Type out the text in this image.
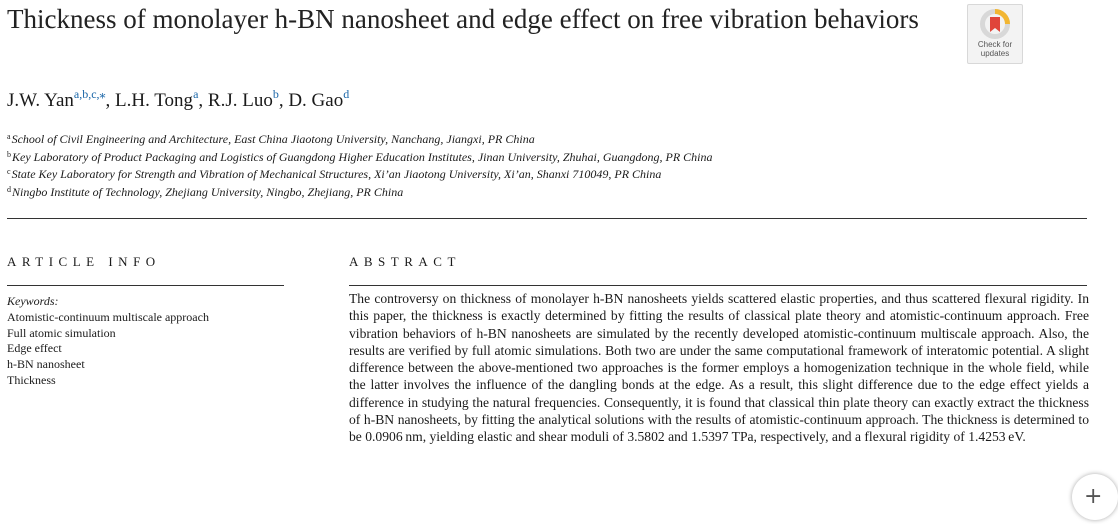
Thickness of monolayer h-BN nanosheet and edge effect on free vibration behaviors
Check for
updates
J.W. Yan$^{a,b,c,⁎}$, L.H. Tong$^a$, R.J. Luo$^b$, D. Gao$^d$
$^a$School of Civil Engineering and Architecture, East China Jiaotong University, Nanchang, Jiangxi, PR China
$^b$Key Laboratory of Product Packaging and Logistics of Guangdong Higher Education Institutes, Jinan University, Zhuhai, Guangdong, PR China
$^c$State Key Laboratory for Strength and Vibration of Mechanical Structures, Xi’an Jiaotong University, Xi’an, Shanxi 710049, PR China
$^d$Ningbo Institute of Technology, Zhejiang University, Ningbo, Zhejiang, PR China
ARTICLE INFO	ABSTRACT
Keywords:
Atomistic-continuum multiscale approach
Full atomic simulation
Edge effect
h-BN nanosheet
Thickness

The controversy on thickness of monolayer h-BN nanosheets yields scattered elastic properties, and thus scattered flexural rigidity. In this paper, the thickness is exactly determined by fitting the results of classical plate theory and atomistic-continuum approach. Free vibration behaviors of h-BN nanosheets are simulated by the recently developed atomistic-continuum multiscale approach. Also, the results are verified by full atomic simulations. Both two are under the same computational framework of interatomic potential. A slight difference between the above-mentioned two approaches is the former employs a homogenization technique in the whole field, while the latter involves the influence of the dangling bonds at the edge. As a result, this slight difference due to the edge effect yields a difference in studying the natural frequencies. Consequently, it is found that classical thin plate theory can exactly extract the thickness of h-BN nanosheets, by fitting the analytical solutions with the results of atomistic-continuum approach. The thickness is determined to be 0.0906 nm, yielding elastic and shear moduli of 3.5802 and 1.5397 TPa, respectively, and a flexural rigidity of 1.4253 eV.

+
